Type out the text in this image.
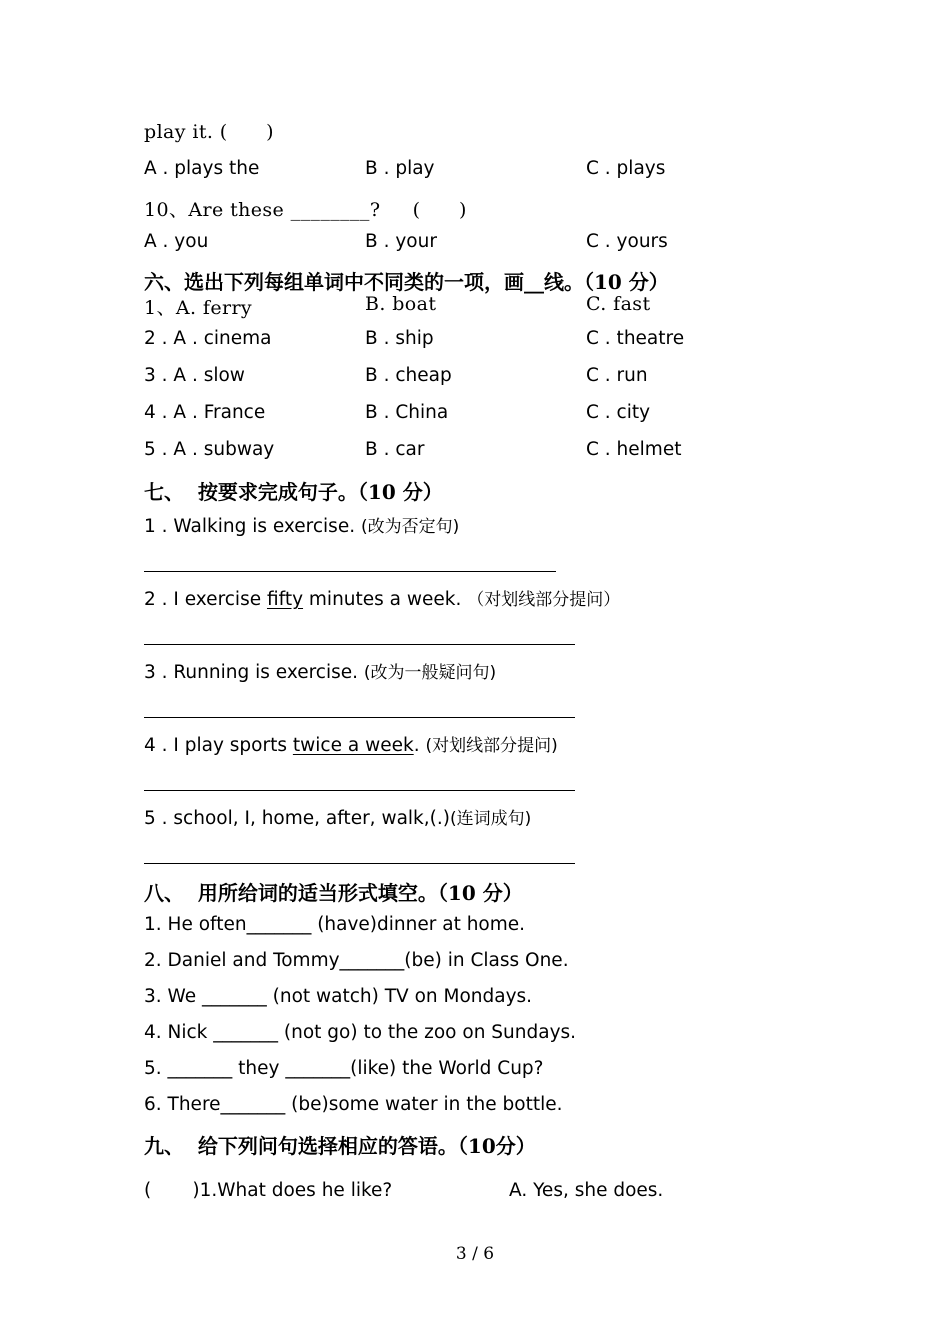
play it. (      )
A . plays the	B . play	C . plays
10、Are these ________?     (      )
A . you	B . your	C . yours
六、选出下列每组单词中不同类的一项，画__线。（10 分）
1、A. ferry	B. boat	C. fast
2 . A . cinema	B . ship	C . theatre
3 . A . slow	B . cheap	C . run
4 . A . France	B . China	C . city
5 . A . subway	B . car	C . helmet
七、  按要求完成句子。（10 分）
1 . Walking is exercise. (改为否定句)
2 . I exercise fifty minutes a week. （对划线部分提问）
3 . Running is exercise. (改为一般疑问句)
4 . I play sports twice a week. (对划线部分提问)
5 . school, I, home, after, walk,(.)(连词成句)
八、  用所给词的适当形式填空。（10 分）
1. He often_______ (have)dinner at home.
2. Daniel and Tommy_______(be) in Class One.
3. We _______ (not watch) TV on Mondays.
4. Nick _______ (not go) to the zoo on Sundays.
5. _______ they _______(like) the World Cup?
6. There_______ (be)some water in the bottle.
九、  给下列问句选择相应的答语。（10分）
(       )1.What does he like?	A. Yes, she does.
3 / 6
